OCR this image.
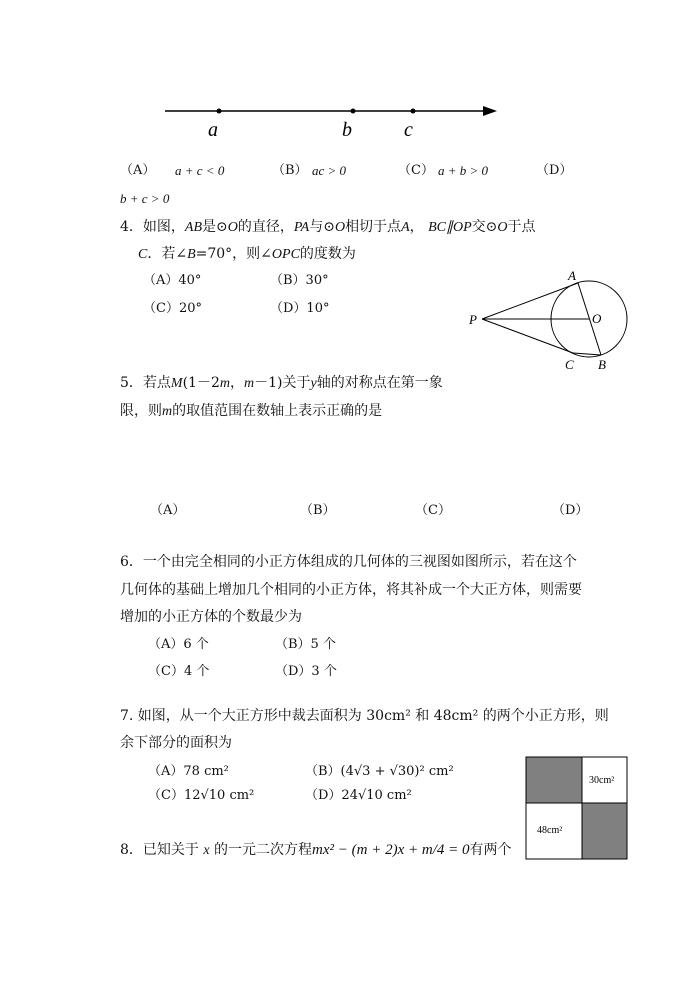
a	b	c
（A） a + c < 0	（B） ac > 0	（C） a + b > 0	（D）
b + c > 0
4．如图，AB是⊙O的直径，PA与⊙O相切于点A， BC∥OP交⊙O于点
C．若∠B=70°，则∠OPC的度数为
（A）40°	（B）30°
（C）20°	（D）10°
A
O
P
C B
5．若点M(1－2m，m－1)关于y轴的对称点在第一象
限，则m的取值范围在数轴上表示正确的是
（A）	（B）	（C）	（D）
6．一个由完全相同的小正方体组成的几何体的三视图如图所示，若在这个
几何体的基础上增加几个相同的小正方体，将其补成一个大正方体，则需要
增加的小正方体的个数最少为
（A）6 个	（B）5 个
（C）4 个	（D）3 个
7. 如图，从一个大正方形中裁去面积为 30cm² 和 48cm² 的两个小正方形，则
余下部分的面积为
（A）78 cm²	（B）(4√3 + √30)² cm²
（C）12√10 cm²	（D）24√10 cm²
30cm²
48cm²
8．已知关于 x 的一元二次方程mx² − (m + 2)x + m/4 = 0有两个
